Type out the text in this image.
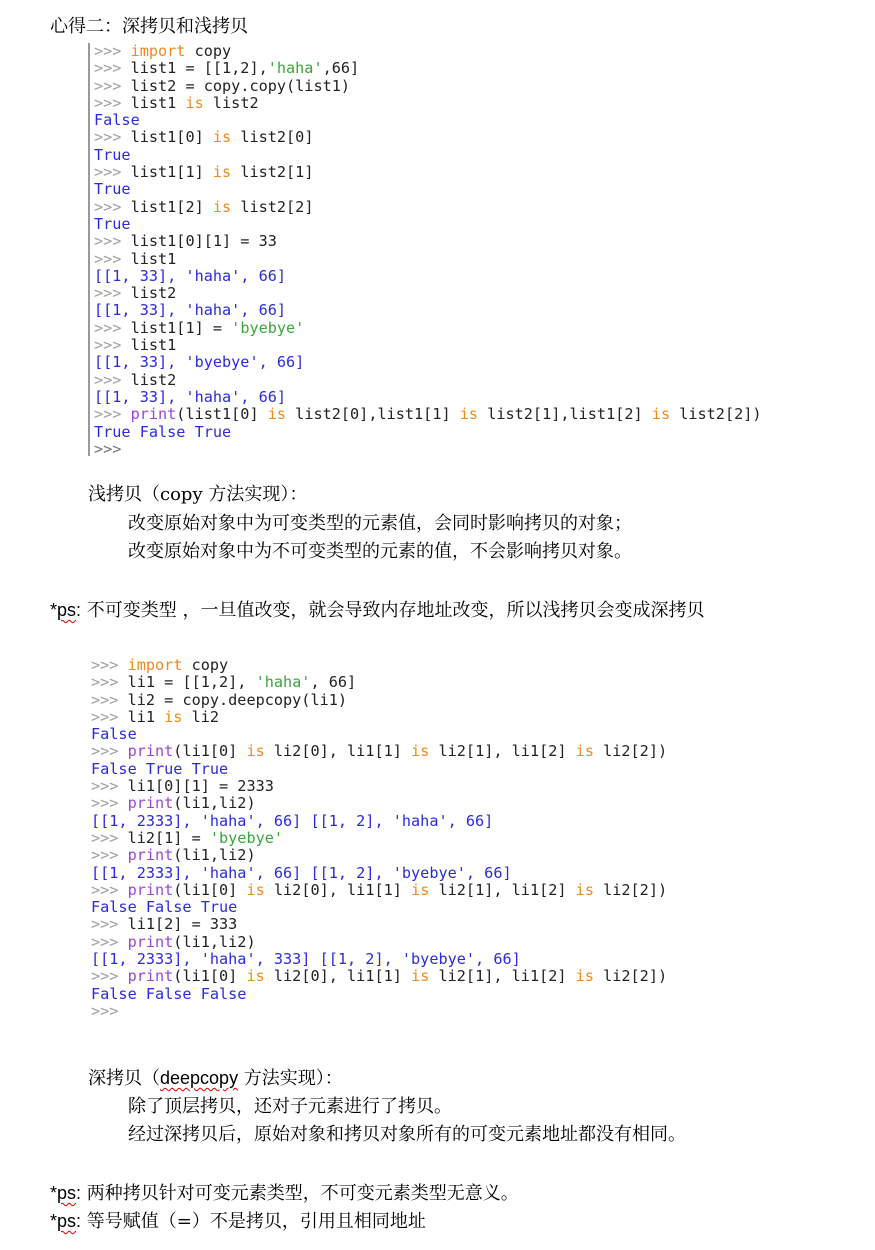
心得二：深拷贝和浅拷贝
>>> import copy
>>> list1 = [[1,2],'haha',66]
>>> list2 = copy.copy(list1)
>>> list1 is list2
False
>>> list1[0] is list2[0]
True
>>> list1[1] is list2[1]
True
>>> list1[2] is list2[2]
True
>>> list1[0][1] = 33
>>> list1
[[1, 33], 'haha', 66]
>>> list2
[[1, 33], 'haha', 66]
>>> list1[1] = 'byebye'
>>> list1
[[1, 33], 'byebye', 66]
>>> list2
[[1, 33], 'haha', 66]
>>> print(list1[0] is list2[0],list1[1] is list2[1],list1[2] is list2[2])
True False True
>>>
浅拷贝（copy 方法实现）：
改变原始对象中为可变类型的元素值，会同时影响拷贝的对象；
改变原始对象中为不可变类型的元素的值，不会影响拷贝对象。
*ps: 不可变类型 ，一旦值改变，就会导致内存地址改变，所以浅拷贝会变成深拷贝
>>> import copy
>>> li1 = [[1,2], 'haha', 66]
>>> li2 = copy.deepcopy(li1)
>>> li1 is li2
False
>>> print(li1[0] is li2[0], li1[1] is li2[1], li1[2] is li2[2])
False True True
>>> li1[0][1] = 2333
>>> print(li1,li2)
[[1, 2333], 'haha', 66] [[1, 2], 'haha', 66]
>>> li2[1] = 'byebye'
>>> print(li1,li2)
[[1, 2333], 'haha', 66] [[1, 2], 'byebye', 66]
>>> print(li1[0] is li2[0], li1[1] is li2[1], li1[2] is li2[2])
False False True
>>> li1[2] = 333
>>> print(li1,li2)
[[1, 2333], 'haha', 333] [[1, 2], 'byebye', 66]
>>> print(li1[0] is li2[0], li1[1] is li2[1], li1[2] is li2[2])
False False False
>>>
深拷贝（deepcopy 方法实现）：
除了顶层拷贝，还对子元素进行了拷贝。
经过深拷贝后，原始对象和拷贝对象所有的可变元素地址都没有相同。
*ps: 两种拷贝针对可变元素类型，不可变元素类型无意义。
*ps: 等号赋值（=）不是拷贝，引用且相同地址
